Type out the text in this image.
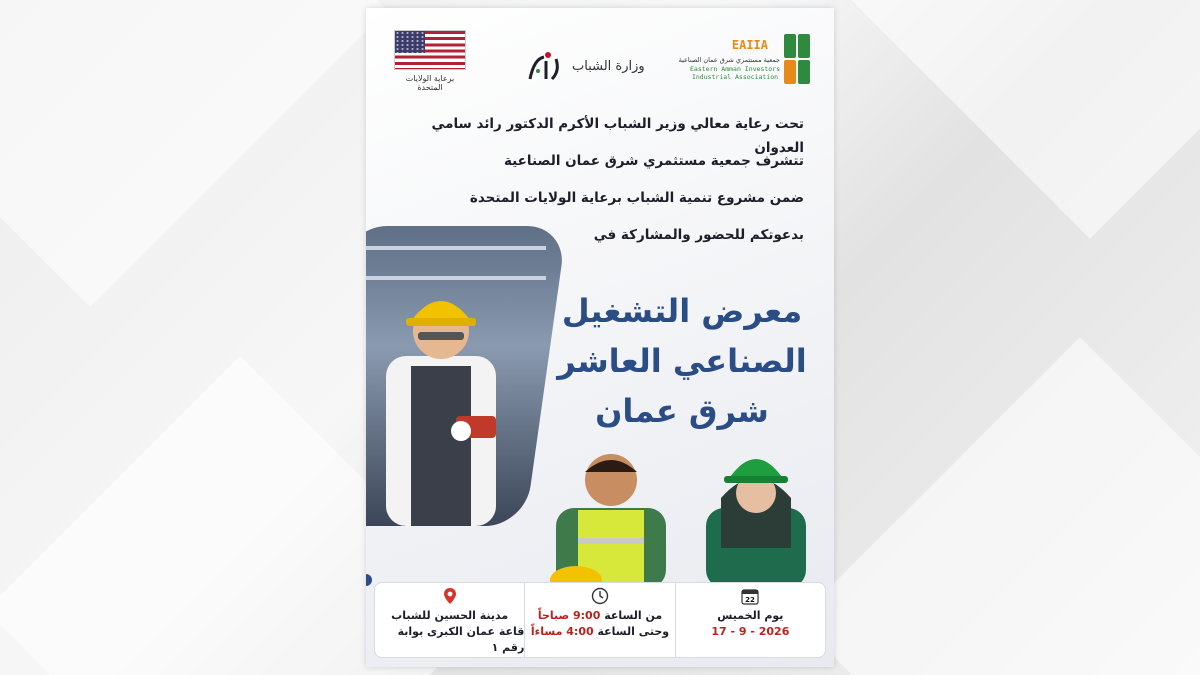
برعاية الولايات المتحدة
وزارة الشباب
EAIIA
جمعية مستثمري شرق عمان الصناعية
Eastern Amman Investors
Industrial Association
تحت رعاية معالي وزير الشباب الأكرم الدكتور رائد سامي العدوان
تتشرف جمعية مستثمري شرق عمان الصناعية
ضمن مشروع تنمية الشباب برعاية الولايات المتحدة
بدعوتكم للحضور والمشاركة في
معرض التشغيل
الصناعي العاشر
شرق عمان
22
يوم الخميس
17 - 9 - 2026
من الساعة 9:00 صباحاً
وحتى الساعة 4:00 مساءاً
مدينة الحسين للشباب
قاعة عمان الكبرى بوابة رقم ١
